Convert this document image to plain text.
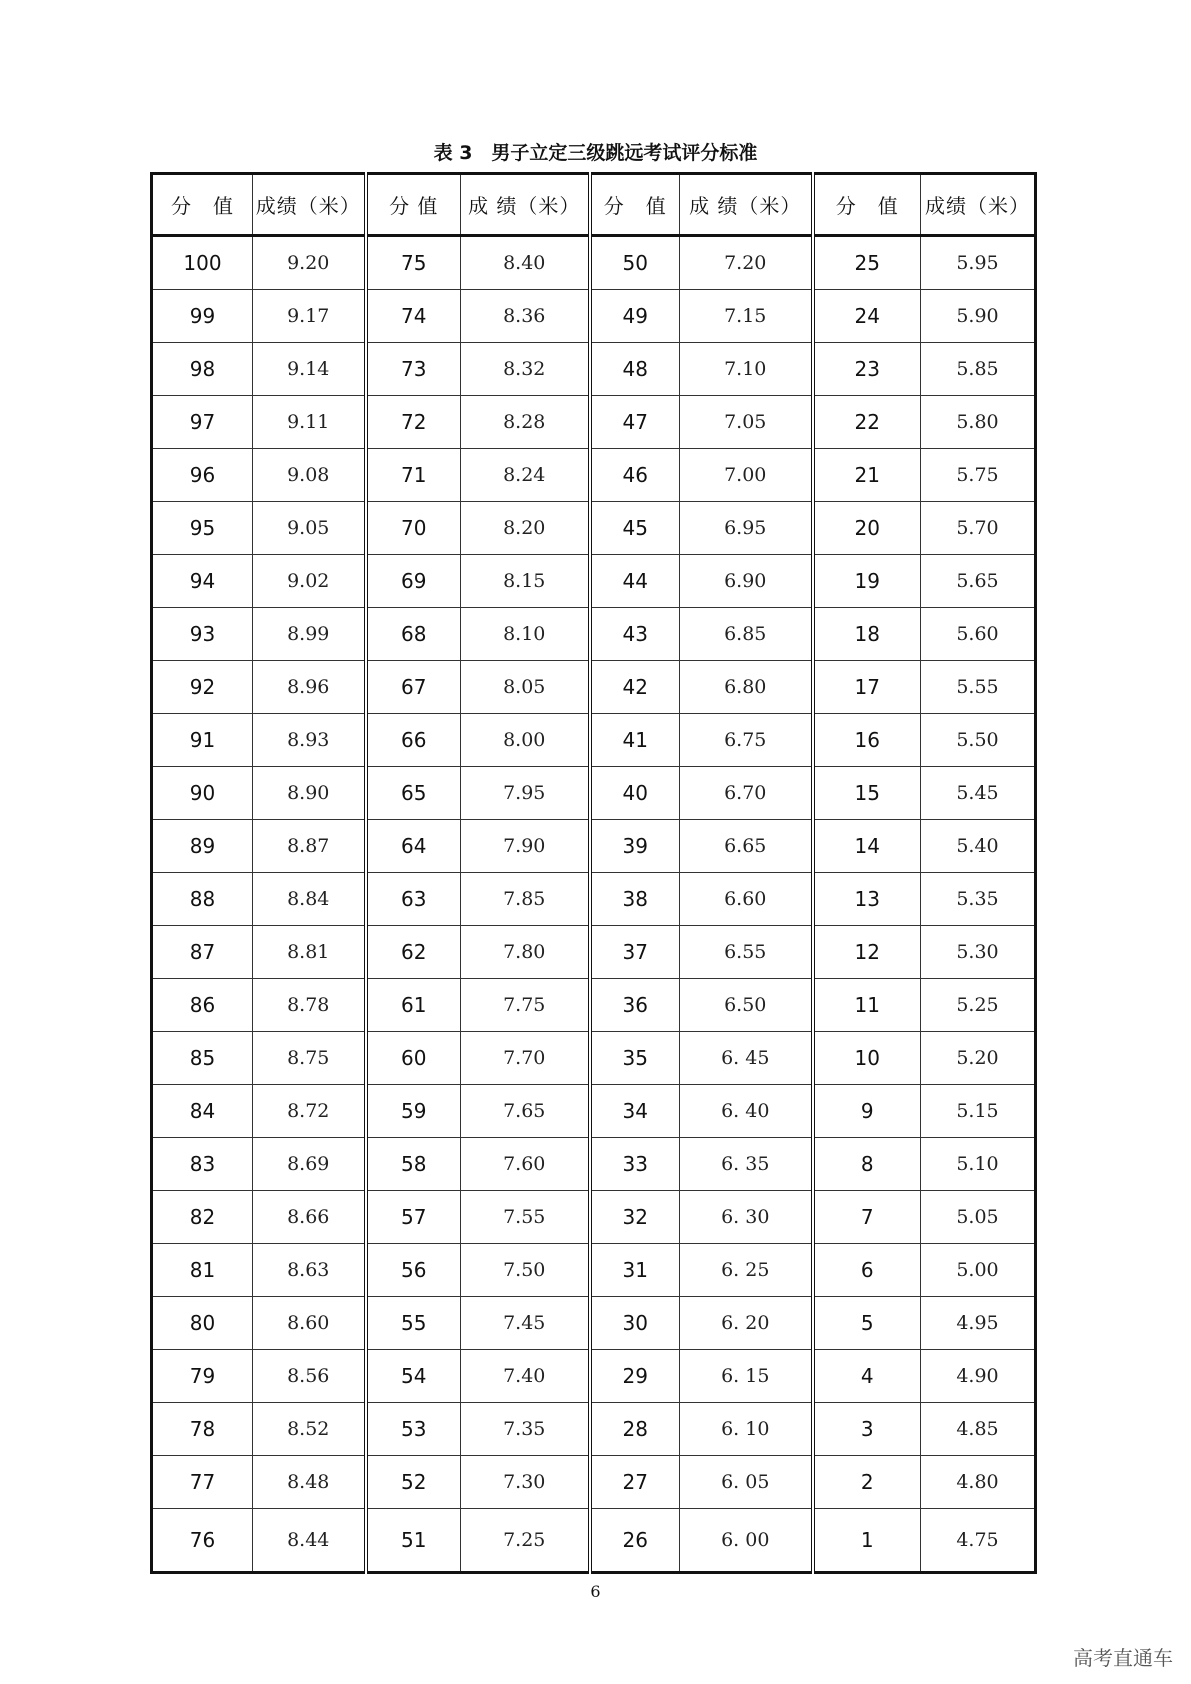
表 3　男子立定三级跳远考试评分标准
分　值	成绩（米）	分 值	成 绩（米）	分　值	成 绩（米）	分　值	成绩（米）
100	9.20	75	8.40	50	7.20	25	5.95
99	9.17	74	8.36	49	7.15	24	5.90
98	9.14	73	8.32	48	7.10	23	5.85
97	9.11	72	8.28	47	7.05	22	5.80
96	9.08	71	8.24	46	7.00	21	5.75
95	9.05	70	8.20	45	6.95	20	5.70
94	9.02	69	8.15	44	6.90	19	5.65
93	8.99	68	8.10	43	6.85	18	5.60
92	8.96	67	8.05	42	6.80	17	5.55
91	8.93	66	8.00	41	6.75	16	5.50
90	8.90	65	7.95	40	6.70	15	5.45
89	8.87	64	7.90	39	6.65	14	5.40
88	8.84	63	7.85	38	6.60	13	5.35
87	8.81	62	7.80	37	6.55	12	5.30
86	8.78	61	7.75	36	6.50	11	5.25
85	8.75	60	7.70	35	6. 45	10	5.20
84	8.72	59	7.65	34	6. 40	9	5.15
83	8.69	58	7.60	33	6. 35	8	5.10
82	8.66	57	7.55	32	6. 30	7	5.05
81	8.63	56	7.50	31	6. 25	6	5.00
80	8.60	55	7.45	30	6. 20	5	4.95
79	8.56	54	7.40	29	6. 15	4	4.90
78	8.52	53	7.35	28	6. 10	3	4.85
77	8.48	52	7.30	27	6. 05	2	4.80
76	8.44	51	7.25	26	6. 00	1	4.75
6
高考直通车
